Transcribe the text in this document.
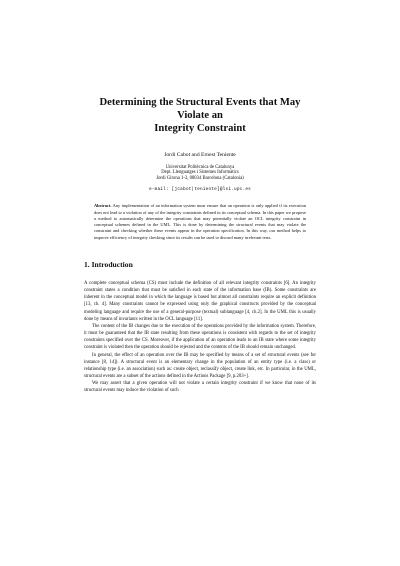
Determining the Structural Events that May Violate an
Integrity Constraint
Jordi Cabot and Ernest Teniente
Universitat Politècnica de Catalunya
Dept. Llenguatges i Sistemes Informàtics
Jordi Girona 1-3, 08034 Barcelona (Catalonia)
e-mail: [jcabot|teniente]@lsi.upc.es
Abstract. Any implementation of an information system must ensure that an operation is only applied if its execution does not lead to a violation of any of the integrity constraints defined in its conceptual schema. In this paper we propose a method to automatically determine the operations that may potentially violate an OCL integrity constraint in conceptual schemes defined in the UML. This is done by determining the structural events that may violate the constraint and checking whether these events appear in the operation specification. In this way, our method helps to improve efficiency of integrity checking since its results can be used to discard many irrelevant tests.
1. Introduction

A complete conceptual schema (CS) must include the definition of all relevant integrity constraints [6]. An integrity constraint states a condition that must be satisfied in each state of the information base (IB). Some constraints are inherent in the conceptual model in which the language is based but almost all constraints require an explicit definition [13, ch. 4]. Many constraints cannot be expressed using only the graphical constructs provided by the conceptual modeling language and require the use of a general-purpose (textual) sublanguage [4, ch.2]. In the UML this is usually done by means of invariants written in the OCL language [11].

The content of the IB changes due to the execution of the operations provided by the information system. Therefore, it must be guaranteed that the IB state resulting from these operations is consistent with regards to the set of integrity constraints specified over the CS. Moreover, if the application of an operation leads to an IB state where some integrity constraint is violated then the operation should be rejected and the contents of the IB should remain unchanged.

In general, the effect of an operation over the IB may be specified by means of a set of structural events (see for instance [8, 14]). A structural event is an elementary change in the population of an entity type (i.e. a class) or relationship type (i.e. an association) such as: create object, reclassify object, create link, etc. In particular, in the UML, structural events are a subset of the actions defined in the Actions Package [9, p.203+].

We may assert that a given operation will not violate a certain integrity constraint if we know that none of its structural events may induce the violation of such
